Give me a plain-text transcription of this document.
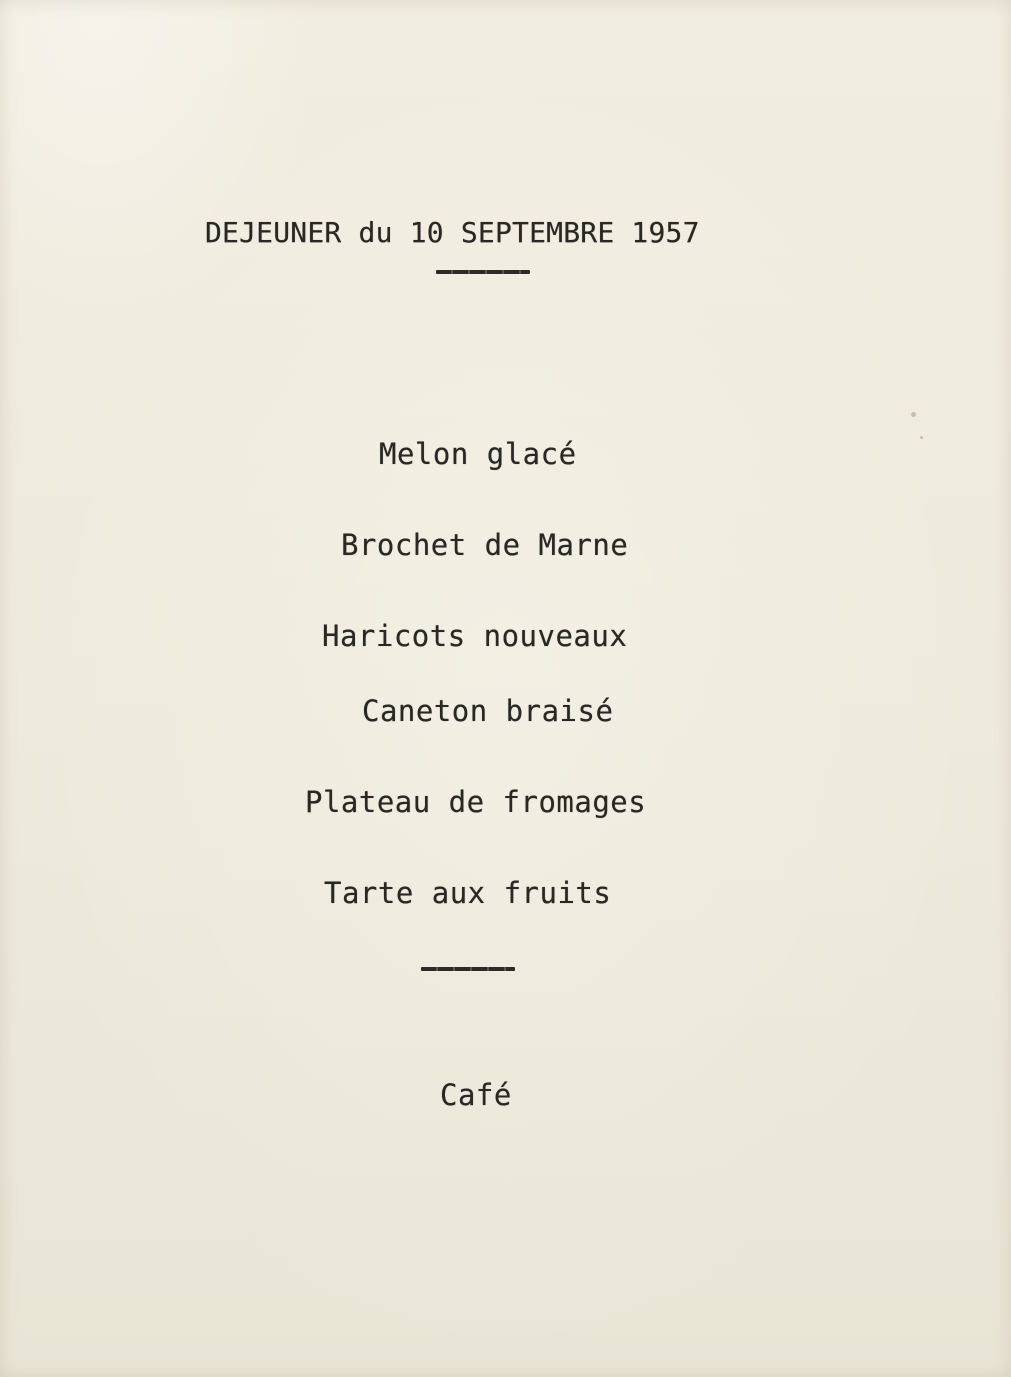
DEJEUNER du 10 SEPTEMBRE 1957
Melon glacé
Brochet de Marne
Haricots nouveaux
Caneton braisé
Plateau de fromages
Tarte aux fruits
Café
